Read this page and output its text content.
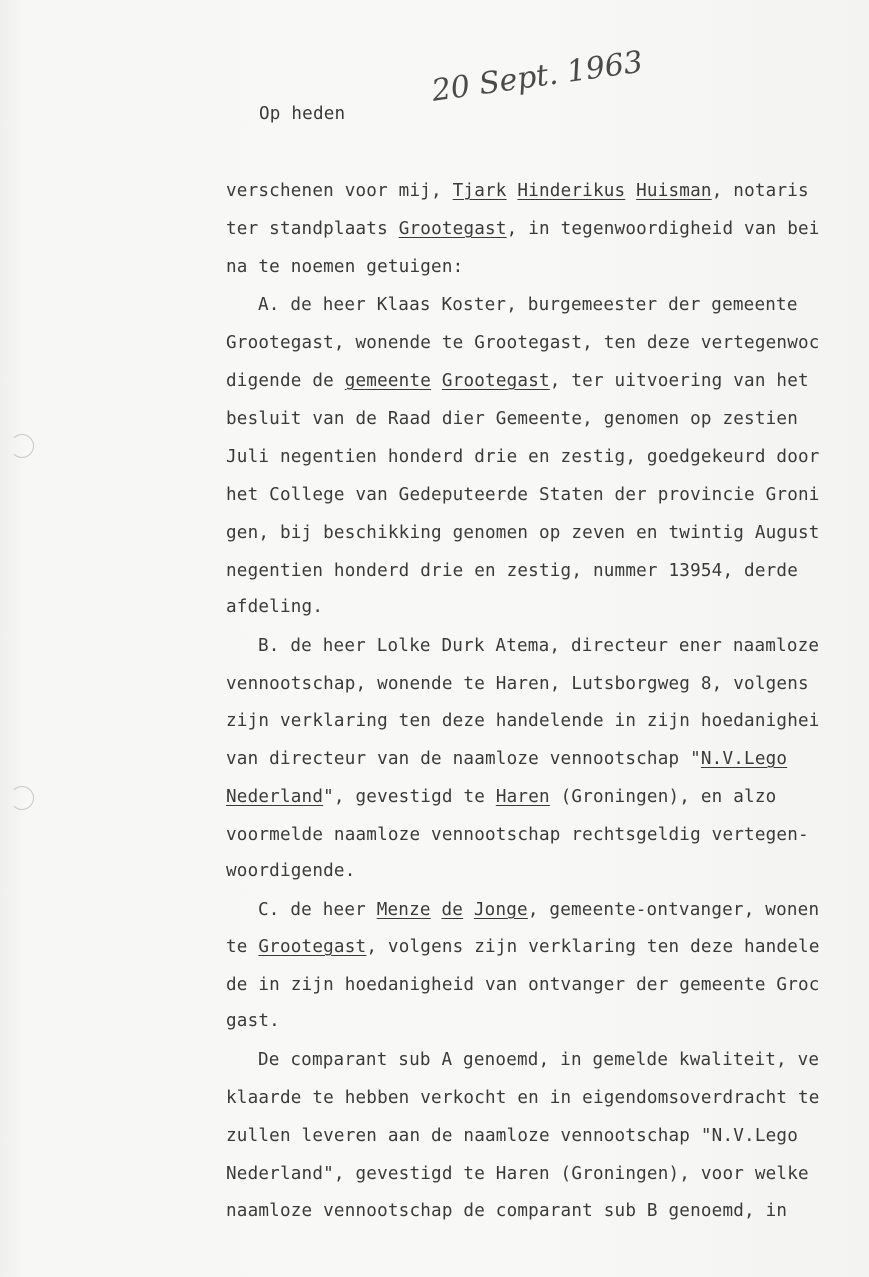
20 Sept. 1963

Op heden

verschenen voor mij, Tjark Hinderikus Huisman, notaris

ter standplaats Grootegast, in tegenwoordigheid van bei

na te noemen getuigen:

A. de heer Klaas Koster, burgemeester der gemeente

Grootegast, wonende te Grootegast, ten deze vertegenwoc

digende de gemeente Grootegast, ter uitvoering van het

besluit van de Raad dier Gemeente, genomen op zestien

Juli negentien honderd drie en zestig, goedgekeurd door

het College van Gedeputeerde Staten der provincie Groni

gen, bij beschikking genomen op zeven en twintig August

negentien honderd drie en zestig, nummer 13954, derde

afdeling.

B. de heer Lolke Durk Atema, directeur ener naamloze

vennootschap, wonende te Haren, Lutsborgweg 8, volgens

zijn verklaring ten deze handelende in zijn hoedanighei

van directeur van de naamloze vennootschap "N.V.Lego

Nederland", gevestigd te Haren (Groningen), en alzo

voormelde naamloze vennootschap rechtsgeldig vertegen-

woordigende.

C. de heer Menze de Jonge, gemeente-ontvanger, wonen

te Grootegast, volgens zijn verklaring ten deze handele

de in zijn hoedanigheid van ontvanger der gemeente Groc

gast.

De comparant sub A genoemd, in gemelde kwaliteit, ve

klaarde te hebben verkocht en in eigendomsoverdracht te

zullen leveren aan de naamloze vennootschap "N.V.Lego

Nederland", gevestigd te Haren (Groningen), voor welke

naamloze vennootschap de comparant sub B genoemd, in
